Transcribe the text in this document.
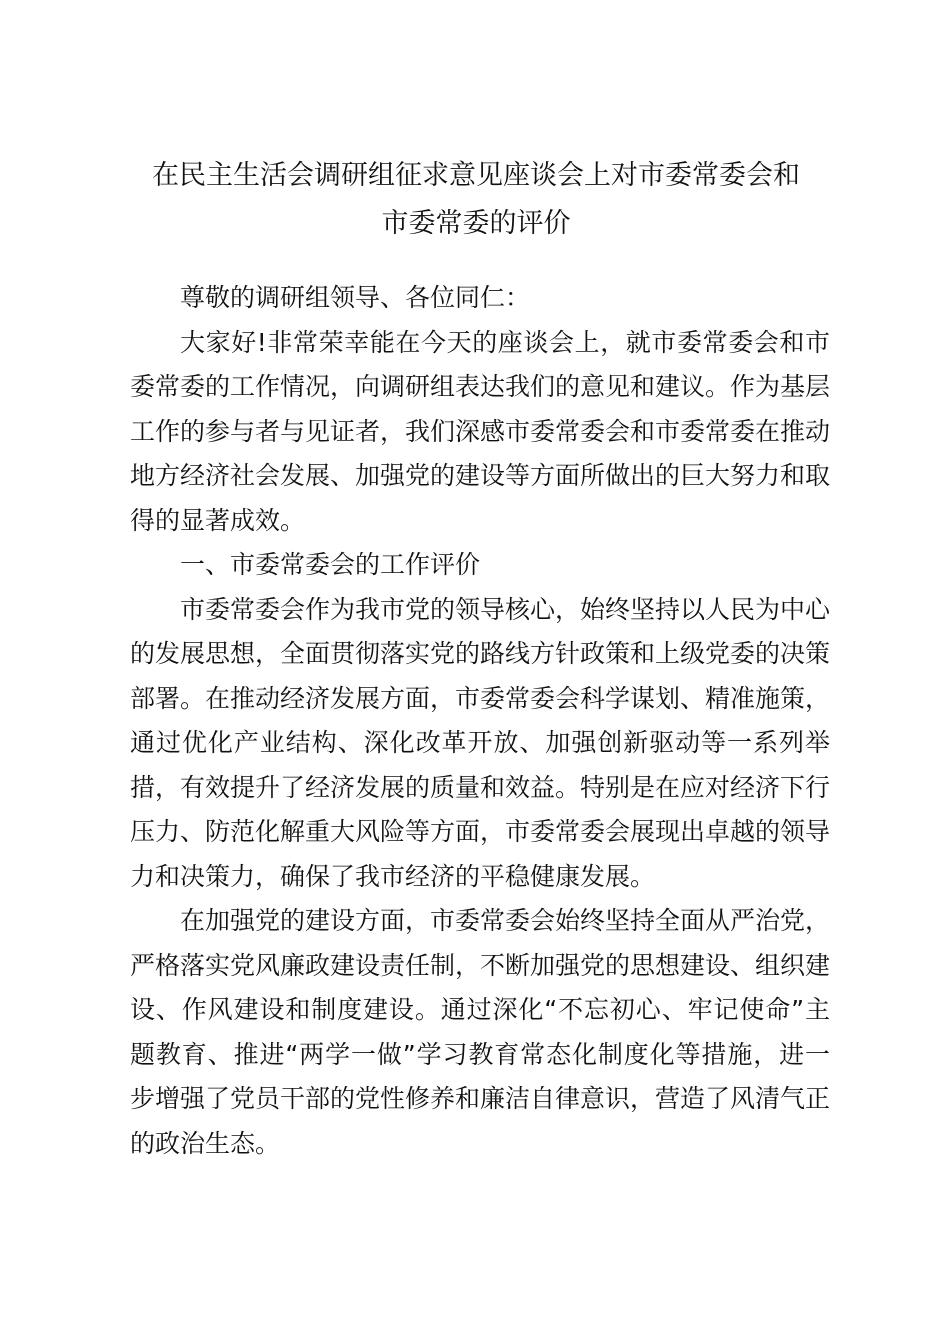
在民主生活会调研组征求意见座谈会上对市委常委会和
市委常委的评价

尊敬的调研组领导、各位同仁：

大家好!非常荣幸能在今天的座谈会上，就市委常委会和市委常委的工作情况，向调研组表达我们的意见和建议。作为基层工作的参与者与见证者，我们深感市委常委会和市委常委在推动地方经济社会发展、加强党的建设等方面所做出的巨大努力和取得的显著成效。

一、市委常委会的工作评价

市委常委会作为我市党的领导核心，始终坚持以人民为中心的发展思想，全面贯彻落实党的路线方针政策和上级党委的决策部署。在推动经济发展方面，市委常委会科学谋划、精准施策，通过优化产业结构、深化改革开放、加强创新驱动等一系列举措，有效提升了经济发展的质量和效益。特别是在应对经济下行压力、防范化解重大风险等方面，市委常委会展现出卓越的领导力和决策力，确保了我市经济的平稳健康发展。

在加强党的建设方面，市委常委会始终坚持全面从严治党，严格落实党风廉政建设责任制，不断加强党的思想建设、组织建设、作风建设和制度建设。通过深化“不忘初心、牢记使命”主题教育、推进“两学一做”学习教育常态化制度化等措施，进一步增强了党员干部的党性修养和廉洁自律意识，营造了风清气正的政治生态。
